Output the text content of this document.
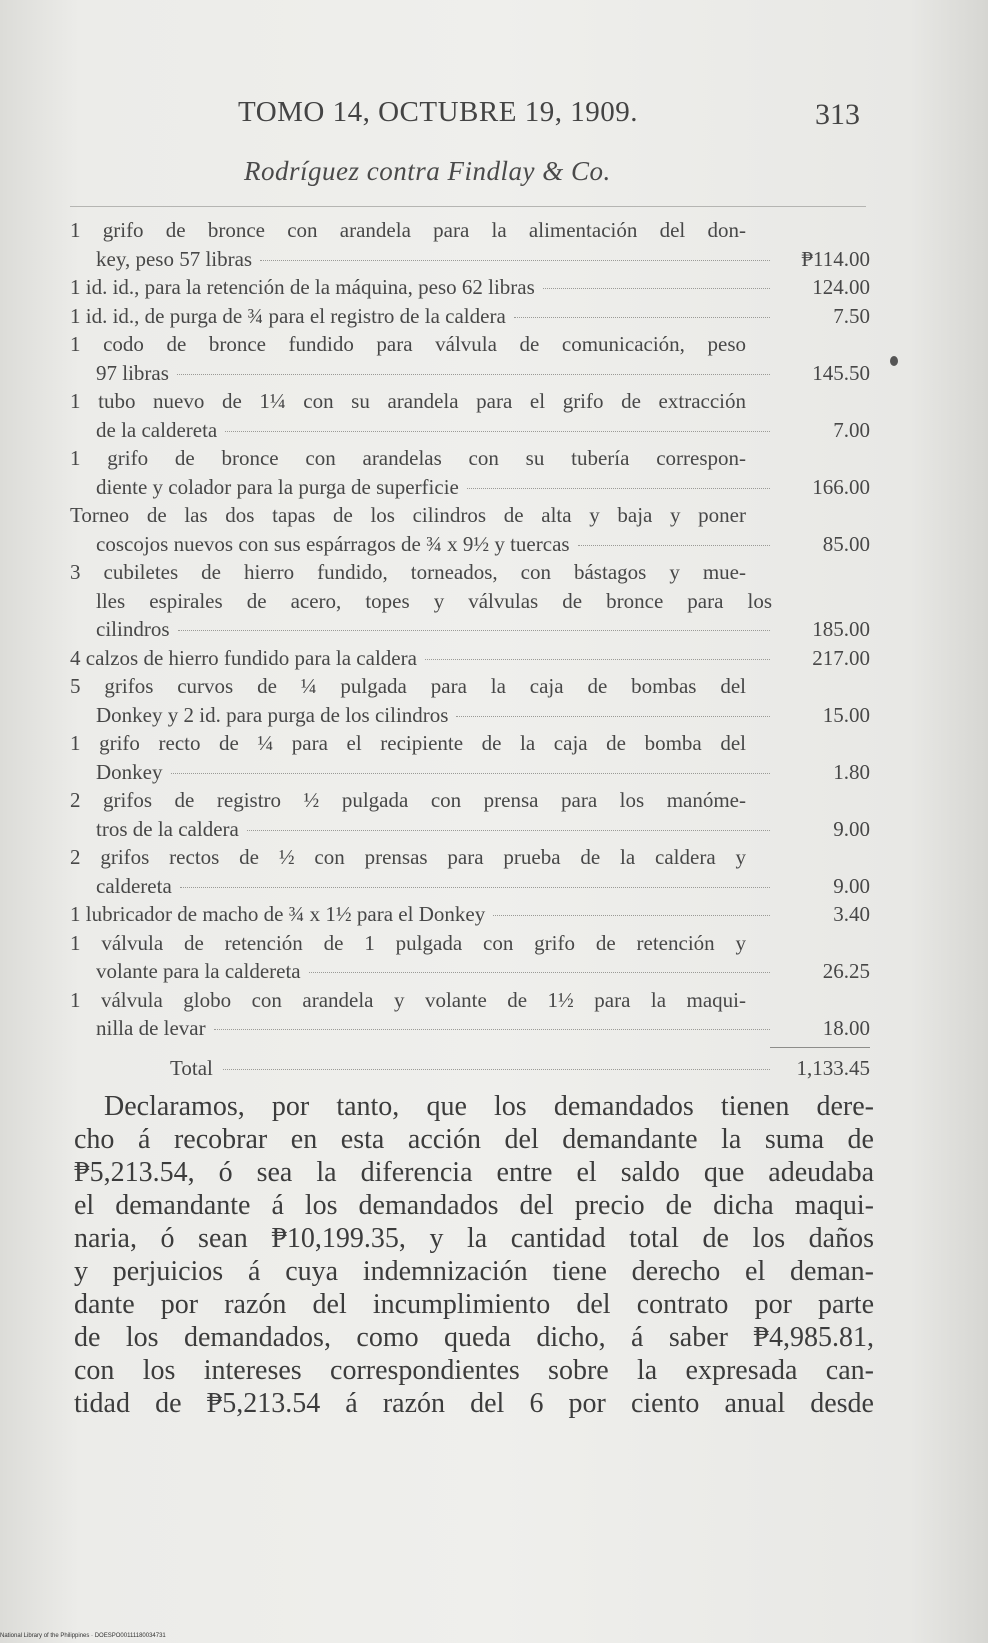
TOMO 14, OCTUBRE 19, 1909.	313
Rodríguez contra Findlay & Co.
1 grifo de bronce con arandela para la alimentación del don-
key, peso 57 libras	₱114.00
1 id. id., para la retención de la máquina, peso 62 libras	124.00
1 id. id., de purga de ¾ para el registro de la caldera	7.50
1 codo de bronce fundido para válvula de comunicación, peso
97 libras	145.50
1 tubo nuevo de 1¼ con su arandela para el grifo de extracción
de la caldereta	7.00
1 grifo de bronce con arandelas con su tubería correspon-
diente y colador para la purga de superficie	166.00
Torneo de las dos tapas de los cilindros de alta y baja y poner
coscojos nuevos con sus espárragos de ¾ x 9½ y tuercas	85.00
3 cubiletes de hierro fundido, torneados, con bástagos y mue-
lles espirales de acero, topes y válvulas de bronce para los
cilindros	185.00
4 calzos de hierro fundido para la caldera	217.00
5 grifos curvos de ¼ pulgada para la caja de bombas del
Donkey y 2 id. para purga de los cilindros	15.00
1 grifo recto de ¼ para el recipiente de la caja de bomba del
Donkey	1.80
2 grifos de registro ½ pulgada con prensa para los manóme-
tros de la caldera	9.00
2 grifos rectos de ½ con prensas para prueba de la caldera y
caldereta	9.00
1 lubricador de macho de ¾ x 1½ para el Donkey	3.40
1 válvula de retención de 1 pulgada con grifo de retención y
volante para la caldereta	26.25
1 válvula globo con arandela y volante de 1½ para la maqui-
nilla de levar	18.00
Total	1,133.45
Declaramos, por tanto, que los demandados tienen dere-
cho á recobrar en esta acción del demandante la suma de
₱5,213.54, ó sea la diferencia entre el saldo que adeudaba
el demandante á los demandados del precio de dicha maqui-
naria, ó sean ₱10,199.35, y la cantidad total de los daños
y perjuicios á cuya indemnización tiene derecho el deman-
dante por razón del incumplimiento del contrato por parte
de los demandados, como queda dicho, á saber ₱4,985.81,
con los intereses correspondientes sobre la expresada can-
tidad de ₱5,213.54 á razón del 6 por ciento anual desde
National Library of the Philippines · DOESPO00111180034731
